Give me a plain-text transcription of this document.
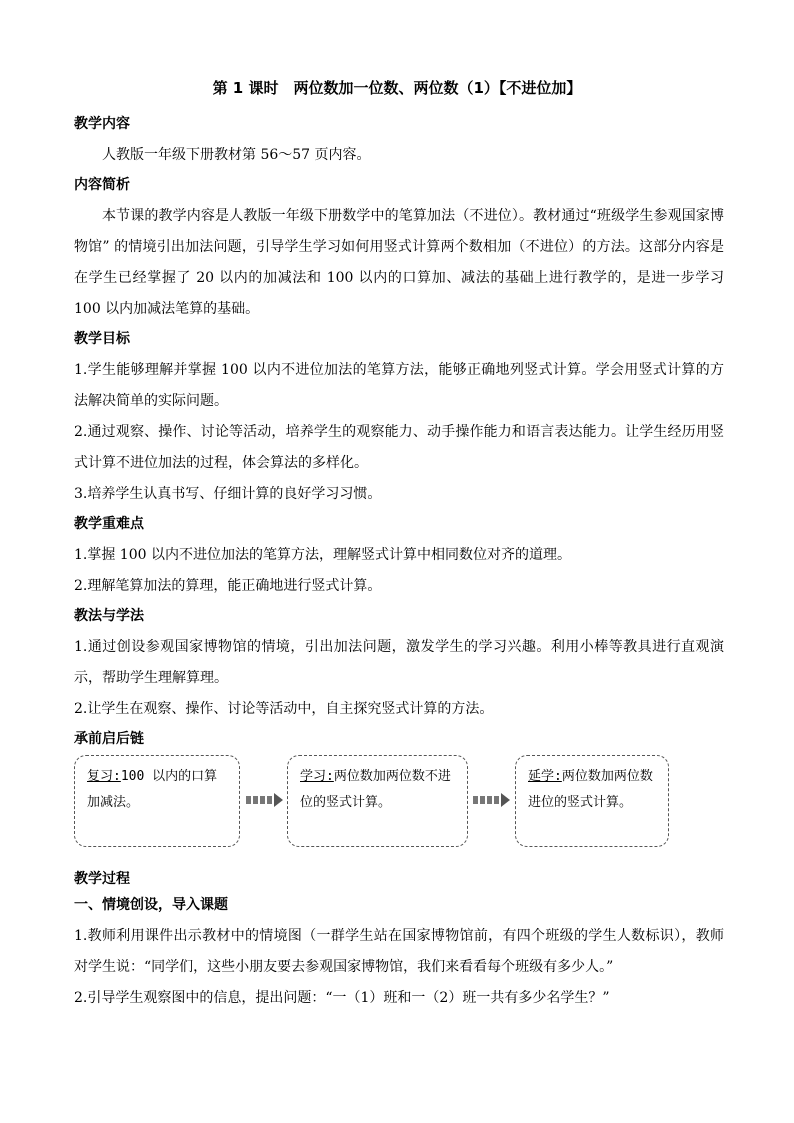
第 1 课时　两位数加一位数、两位数（1）【不进位加】
教学内容

人教版一年级下册教材第 56～57 页内容。

内容简析

本节课的教学内容是人教版一年级下册数学中的笔算加法（不进位）。教材通过“班级学生参观国家博物馆” 的情境引出加法问题，引导学生学习如何用竖式计算两个数相加（不进位）的方法。这部分内容是在学生已经掌握了 20 以内的加减法和 100 以内的口算加、减法的基础上进行教学的，是进一步学习 100 以内加减法笔算的基础。

教学目标

1.学生能够理解并掌握 100 以内不进位加法的笔算方法，能够正确地列竖式计算。学会用竖式计算的方法解决简单的实际问题。

2.通过观察、操作、讨论等活动，培养学生的观察能力、动手操作能力和语言表达能力。让学生经历用竖式计算不进位加法的过程，体会算法的多样化。

3.培养学生认真书写、仔细计算的良好学习习惯。

教学重难点

1.掌握 100 以内不进位加法的笔算方法，理解竖式计算中相同数位对齐的道理。

2.理解笔算加法的算理，能正确地进行竖式计算。

教法与学法

1.通过创设参观国家博物馆的情境，引出加法问题，激发学生的学习兴趣。利用小棒等教具进行直观演示，帮助学生理解算理。

2.让学生在观察、操作、讨论等活动中，自主探究竖式计算的方法。

承前启后链
复习:100 以内的口算加减法。
学习:两位数加两位数不进位的竖式计算。
延学:两位数加两位数进位的竖式计算。
教学过程
一、情境创设，导入课题

1.教师利用课件出示教材中的情境图（一群学生站在国家博物馆前，有四个班级的学生人数标识），教师对学生说：“同学们，这些小朋友要去参观国家博物馆，我们来看看每个班级有多少人。”

2.引导学生观察图中的信息，提出问题：“一（1）班和一（2）班一共有多少名学生？”
